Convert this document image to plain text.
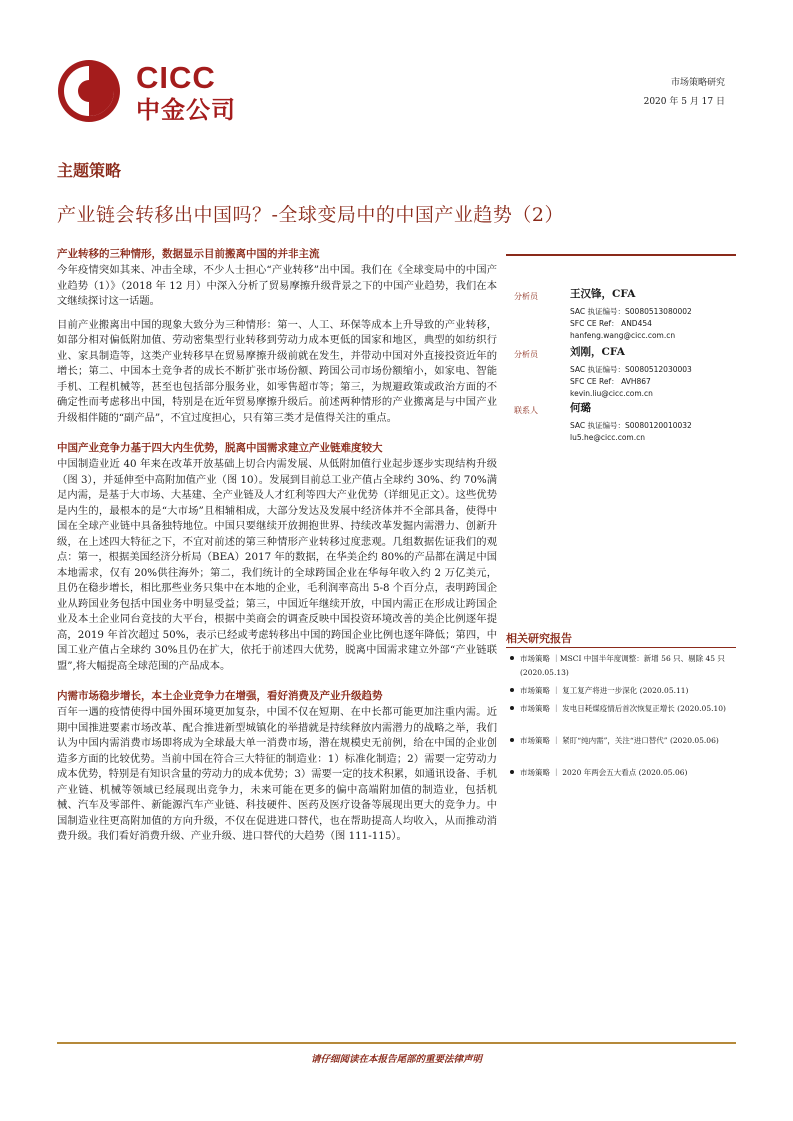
CICC
中金公司
市场策略研究
2020 年 5 月 17 日
主题策略
产业链会转移出中国吗？-全球变局中的中国产业趋势（2）
产业转移的三种情形，数据显示目前搬离中国的并非主流

今年疫情突如其来、冲击全球，不少人士担心“产业转移”出中国。我们在《全球变局中的中国产业趋势（1）》（2018 年 12 月）中深入分析了贸易摩擦升级背景之下的中国产业趋势，我们在本文继续探讨这一话题。

目前产业搬离出中国的现象大致分为三种情形：第一、人工、环保等成本上升导致的产业转移，如部分相对偏低附加值、劳动密集型行业转移到劳动力成本更低的国家和地区，典型的如纺织行业、家具制造等，这类产业转移早在贸易摩擦升级前就在发生，并带动中国对外直接投资近年的增长；第二、中国本土竞争者的成长不断扩张市场份额、跨国公司市场份额缩小，如家电、智能手机、工程机械等，甚至也包括部分服务业，如零售超市等；第三，为规避政策或政治方面的不确定性而考虑移出中国，特别是在近年贸易摩擦升级后。前述两种情形的产业搬离是与中国产业升级相伴随的“副产品”，不宜过度担心，只有第三类才是值得关注的重点。

中国产业竞争力基于四大内生优势，脱离中国需求建立产业链难度较大

中国制造业近 40 年来在改革开放基础上切合内需发展、从低附加值行业起步逐步实现结构升级（图 3），并延伸至中高附加值产业（图 10）。发展到目前总工业产值占全球约 30%、约 70%满足内需，是基于大市场、大基建、全产业链及人才红利等四大产业优势（详细见正文）。这些优势是内生的，最根本的是“大市场”且相辅相成，大部分发达及发展中经济体并不全部具备，使得中国在全球产业链中具备独特地位。中国只要继续开放拥抱世界、持续改革发掘内需潜力、创新升级，在上述四大特征之下，不宜对前述的第三种情形产业转移过度悲观。几组数据佐证我们的观点：第一，根据美国经济分析局（BEA）2017 年的数据，在华美企约 80%的产品都在满足中国本地需求，仅有 20%供往海外；第二，我们统计的全球跨国企业在华每年收入约 2 万亿美元，且仍在稳步增长，相比那些业务只集中在本地的企业，毛利润率高出 5-8 个百分点，表明跨国企业从跨国业务包括中国业务中明显受益；第三，中国近年继续开放，中国内需正在形成让跨国企业及本土企业同台竞技的大平台，根据中美商会的调查反映中国投资环境改善的美企比例逐年提高，2019 年首次超过 50%，表示已经或考虑转移出中国的跨国企业比例也逐年降低；第四，中国工业产值占全球约 30%且仍在扩大，依托于前述四大优势，脱离中国需求建立外部“产业链联盟”,将大幅提高全球范围的产品成本。

内需市场稳步增长，本土企业竞争力在增强，看好消费及产业升级趋势

百年一遇的疫情使得中国外围环境更加复杂，中国不仅在短期、在中长都可能更加注重内需。近期中国推进要素市场改革、配合推进新型城镇化的举措就是持续释放内需潜力的战略之举，我们认为中国内需消费市场即将成为全球最大单一消费市场，潜在规模史无前例，给在中国的企业创造多方面的比较优势。当前中国在符合三大特征的制造业：1）标准化制造；2）需要一定劳动力成本优势，特别是有知识含量的劳动力的成本优势；3）需要一定的技术积累，如通讯设备、手机产业链、机械等领域已经展现出竞争力，未来可能在更多的偏中高端附加值的制造业，包括机械、汽车及零部件、新能源汽车产业链、科技硬件、医药及医疗设备等展现出更大的竞争力。中国制造业往更高附加值的方向升级，不仅在促进进口替代，也在帮助提高人均收入，从而推动消费升级。我们看好消费升级、产业升级、进口替代的大趋势（图 111-115）。

分析员	王汉锋，CFA
SAC 执证编号：S0080513080002
SFC CE Ref： AND454
hanfeng.wang@cicc.com.cn
分析员	刘刚，CFA
SAC 执证编号：S0080512030003
SFC CE Ref： AVH867
kevin.liu@cicc.com.cn
联系人	何璐
SAC 执证编号：S0080120010032
lu5.he@cicc.com.cn
相关研究报告
市场策略 ｜MSCI 中国半年度调整：新增 56 只、剔除 45 只 (2020.05.13)
市场策略 ｜ 复工复产将进一步深化 (2020.05.11)
市场策略 ｜ 发电日耗煤疫情后首次恢复正增长 (2020.05.10)
市场策略 ｜ 紧盯“纯内需”，关注“进口替代” (2020.05.06)
市场策略 ｜ 2020 年两会五大看点 (2020.05.06)
请仔细阅读在本报告尾部的重要法律声明
